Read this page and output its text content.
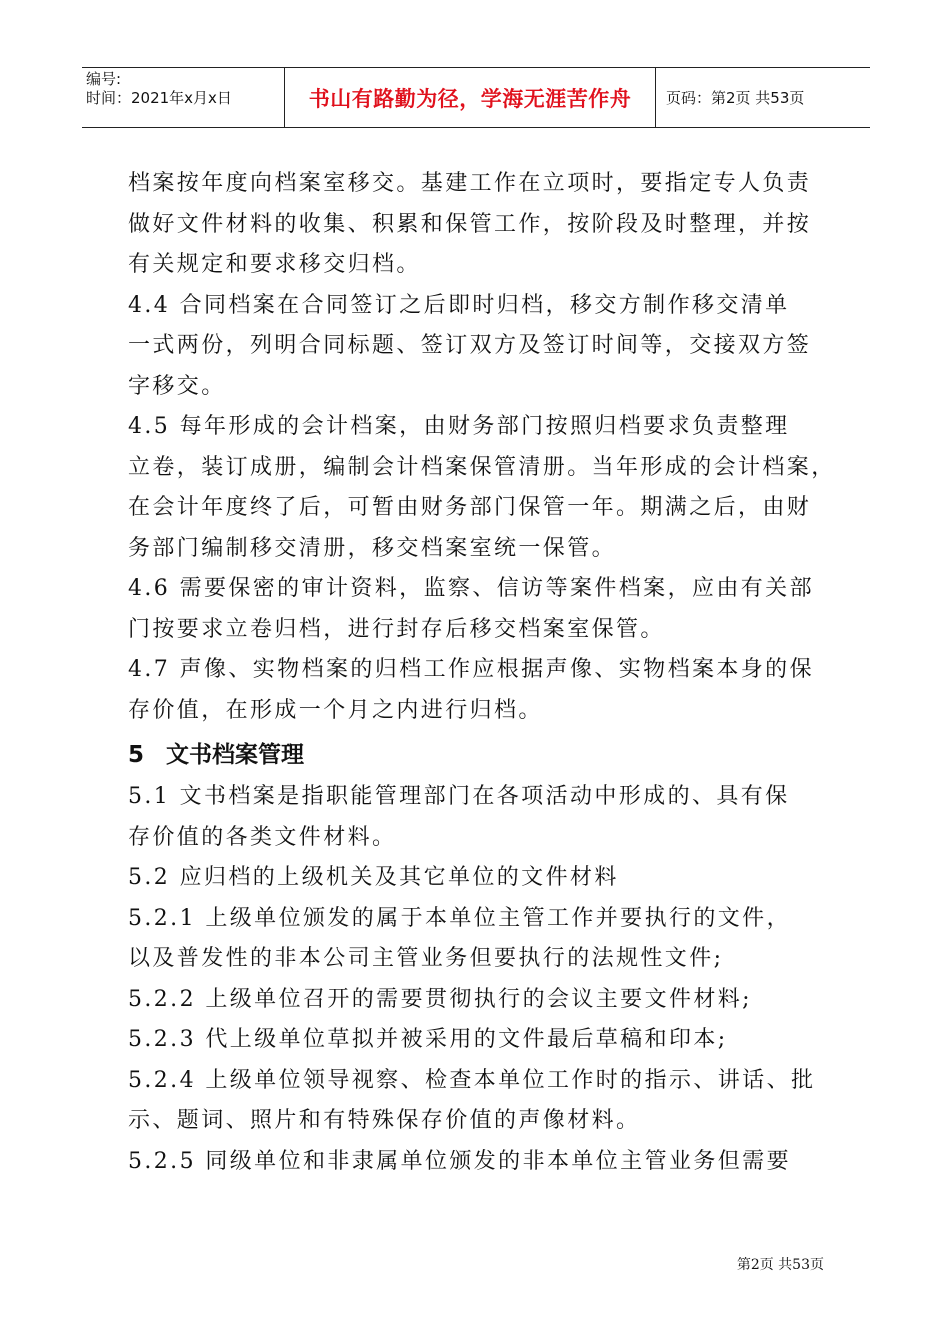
编号:
时间：2021年x月x日	书山有路勤为径，学海无涯苦作舟	页码：第2页 共53页

档案按年度向档案室移交。基建工作在立项时，要指定专人负责

做好文件材料的收集、积累和保管工作，按阶段及时整理，并按

有关规定和要求移交归档。

4.4 合同档案在合同签订之后即时归档，移交方制作移交清单

一式两份，列明合同标题、签订双方及签订时间等，交接双方签

字移交。

4.5 每年形成的会计档案，由财务部门按照归档要求负责整理

立卷，装订成册，编制会计档案保管清册。当年形成的会计档案，

在会计年度终了后，可暂由财务部门保管一年。期满之后，由财

务部门编制移交清册，移交档案室统一保管。

4.6 需要保密的审计资料，监察、信访等案件档案，应由有关部

门按要求立卷归档，进行封存后移交档案室保管。

4.7 声像、实物档案的归档工作应根据声像、实物档案本身的保

存价值，在形成一个月之内进行归档。

5 文书档案管理

5.1 文书档案是指职能管理部门在各项活动中形成的、具有保

存价值的各类文件材料。

5.2 应归档的上级机关及其它单位的文件材料

5.2.1 上级单位颁发的属于本单位主管工作并要执行的文件，

以及普发性的非本公司主管业务但要执行的法规性文件;

5.2.2 上级单位召开的需要贯彻执行的会议主要文件材料;

5.2.3 代上级单位草拟并被采用的文件最后草稿和印本;

5.2.4 上级单位领导视察、检查本单位工作时的指示、讲话、批

示、题词、照片和有特殊保存价值的声像材料。

5.2.5 同级单位和非隶属单位颁发的非本单位主管业务但需要

第2页 共53页
